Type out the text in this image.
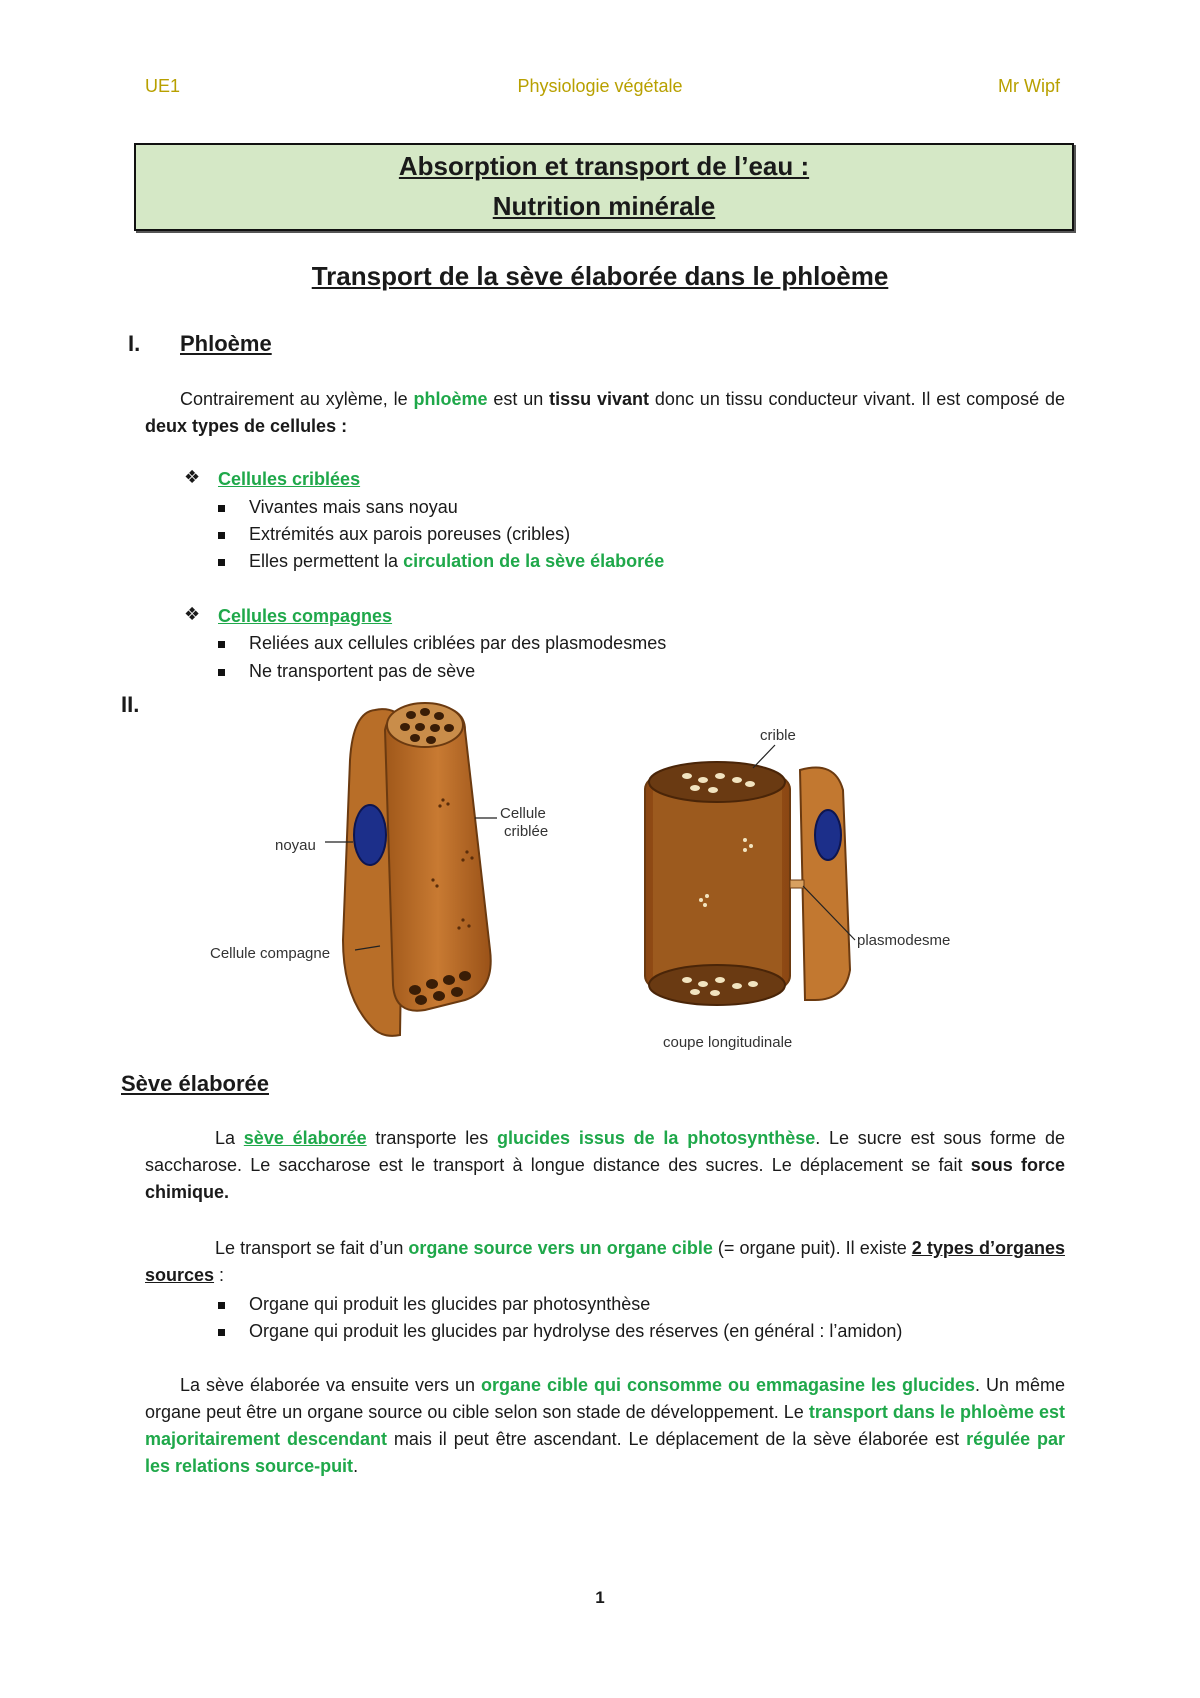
UE1	Physiologie végétale	Mr Wipf
Absorption et transport de l’eau :
Nutrition minérale
Transport de la sève élaborée dans le phloème
I. Phloème
Contrairement au xylème, le phloème est un tissu vivant donc un tissu conducteur vivant. Il est composé de deux types de cellules :
❖ Cellules criblées
Vivantes mais sans noyau
Extrémités aux parois poreuses (cribles)
Elles permettent la circulation de la sève élaborée
❖ Cellules compagnes
Reliées aux cellules criblées par des plasmodesmes
Ne transportent pas de sève
II.
Cellule
criblée
noyau
Cellule compagne
crible
plasmodesme
coupe longitudinale
Sève élaborée
La sève élaborée transporte les glucides issus de la photosynthèse. Le sucre est sous forme de saccharose. Le saccharose est le transport à longue distance des sucres. Le déplacement se fait sous force chimique.
Le transport se fait d’un organe source vers un organe cible (= organe puit). Il existe 2 types d’organes sources :
Organe qui produit les glucides par photosynthèse
Organe qui produit les glucides par hydrolyse des réserves (en général : l’amidon)
La sève élaborée va ensuite vers un organe cible qui consomme ou emmagasine les glucides. Un même organe peut être un organe source ou cible selon son stade de développement. Le transport dans le phloème est majoritairement descendant mais il peut être ascendant. Le déplacement de la sève élaborée est régulée par les relations source-puit.
1
